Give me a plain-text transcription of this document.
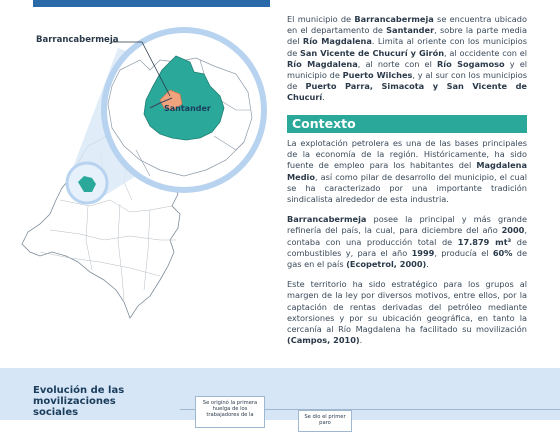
Barrancabermeja
Santander

El municipio de Barrancabermeja se encuentra ubicado en el departamento de Santander, sobre la parte media del Río Magdalena. Limita al oriente con los municipios de San Vicente de Chucurí y Girón, al occidente con el Río Magdalena, al norte con el Río Sogamoso y el municipio de Puerto Wilches, y al sur con los municipios de Puerto Parra, Simacota y San Vicente de Chucurí.

Contexto

La explotación petrolera es una de las bases principales de la economía de la región. Históricamente, ha sido fuente de empleo para los habitantes del Magdalena Medio, así como pilar de desarrollo del municipio, el cual se ha caracterizado por una importante tradición sindicalista alrededor de esta industria.

Barrancabermeja posee la principal y más grande refinería del país, la cual, para diciembre del año 2000, contaba con una producción total de 17.879 mt³ de combustibles y, para el año 1999, producía el 60% de gas en el país (Ecopetrol, 2000).

Este territorio ha sido estratégico para los grupos al margen de la ley por diversos motivos, entre ellos, por la captación de rentas derivadas del petróleo mediante extorsiones y por su ubicación geográfica, en tanto la cercanía al Río Magdalena ha facilitado su movilización (Campos, 2010).

Evolución de las movilizaciones sociales
Se originó la primera huelga de los trabajadores de la	Se dio el primer paro
